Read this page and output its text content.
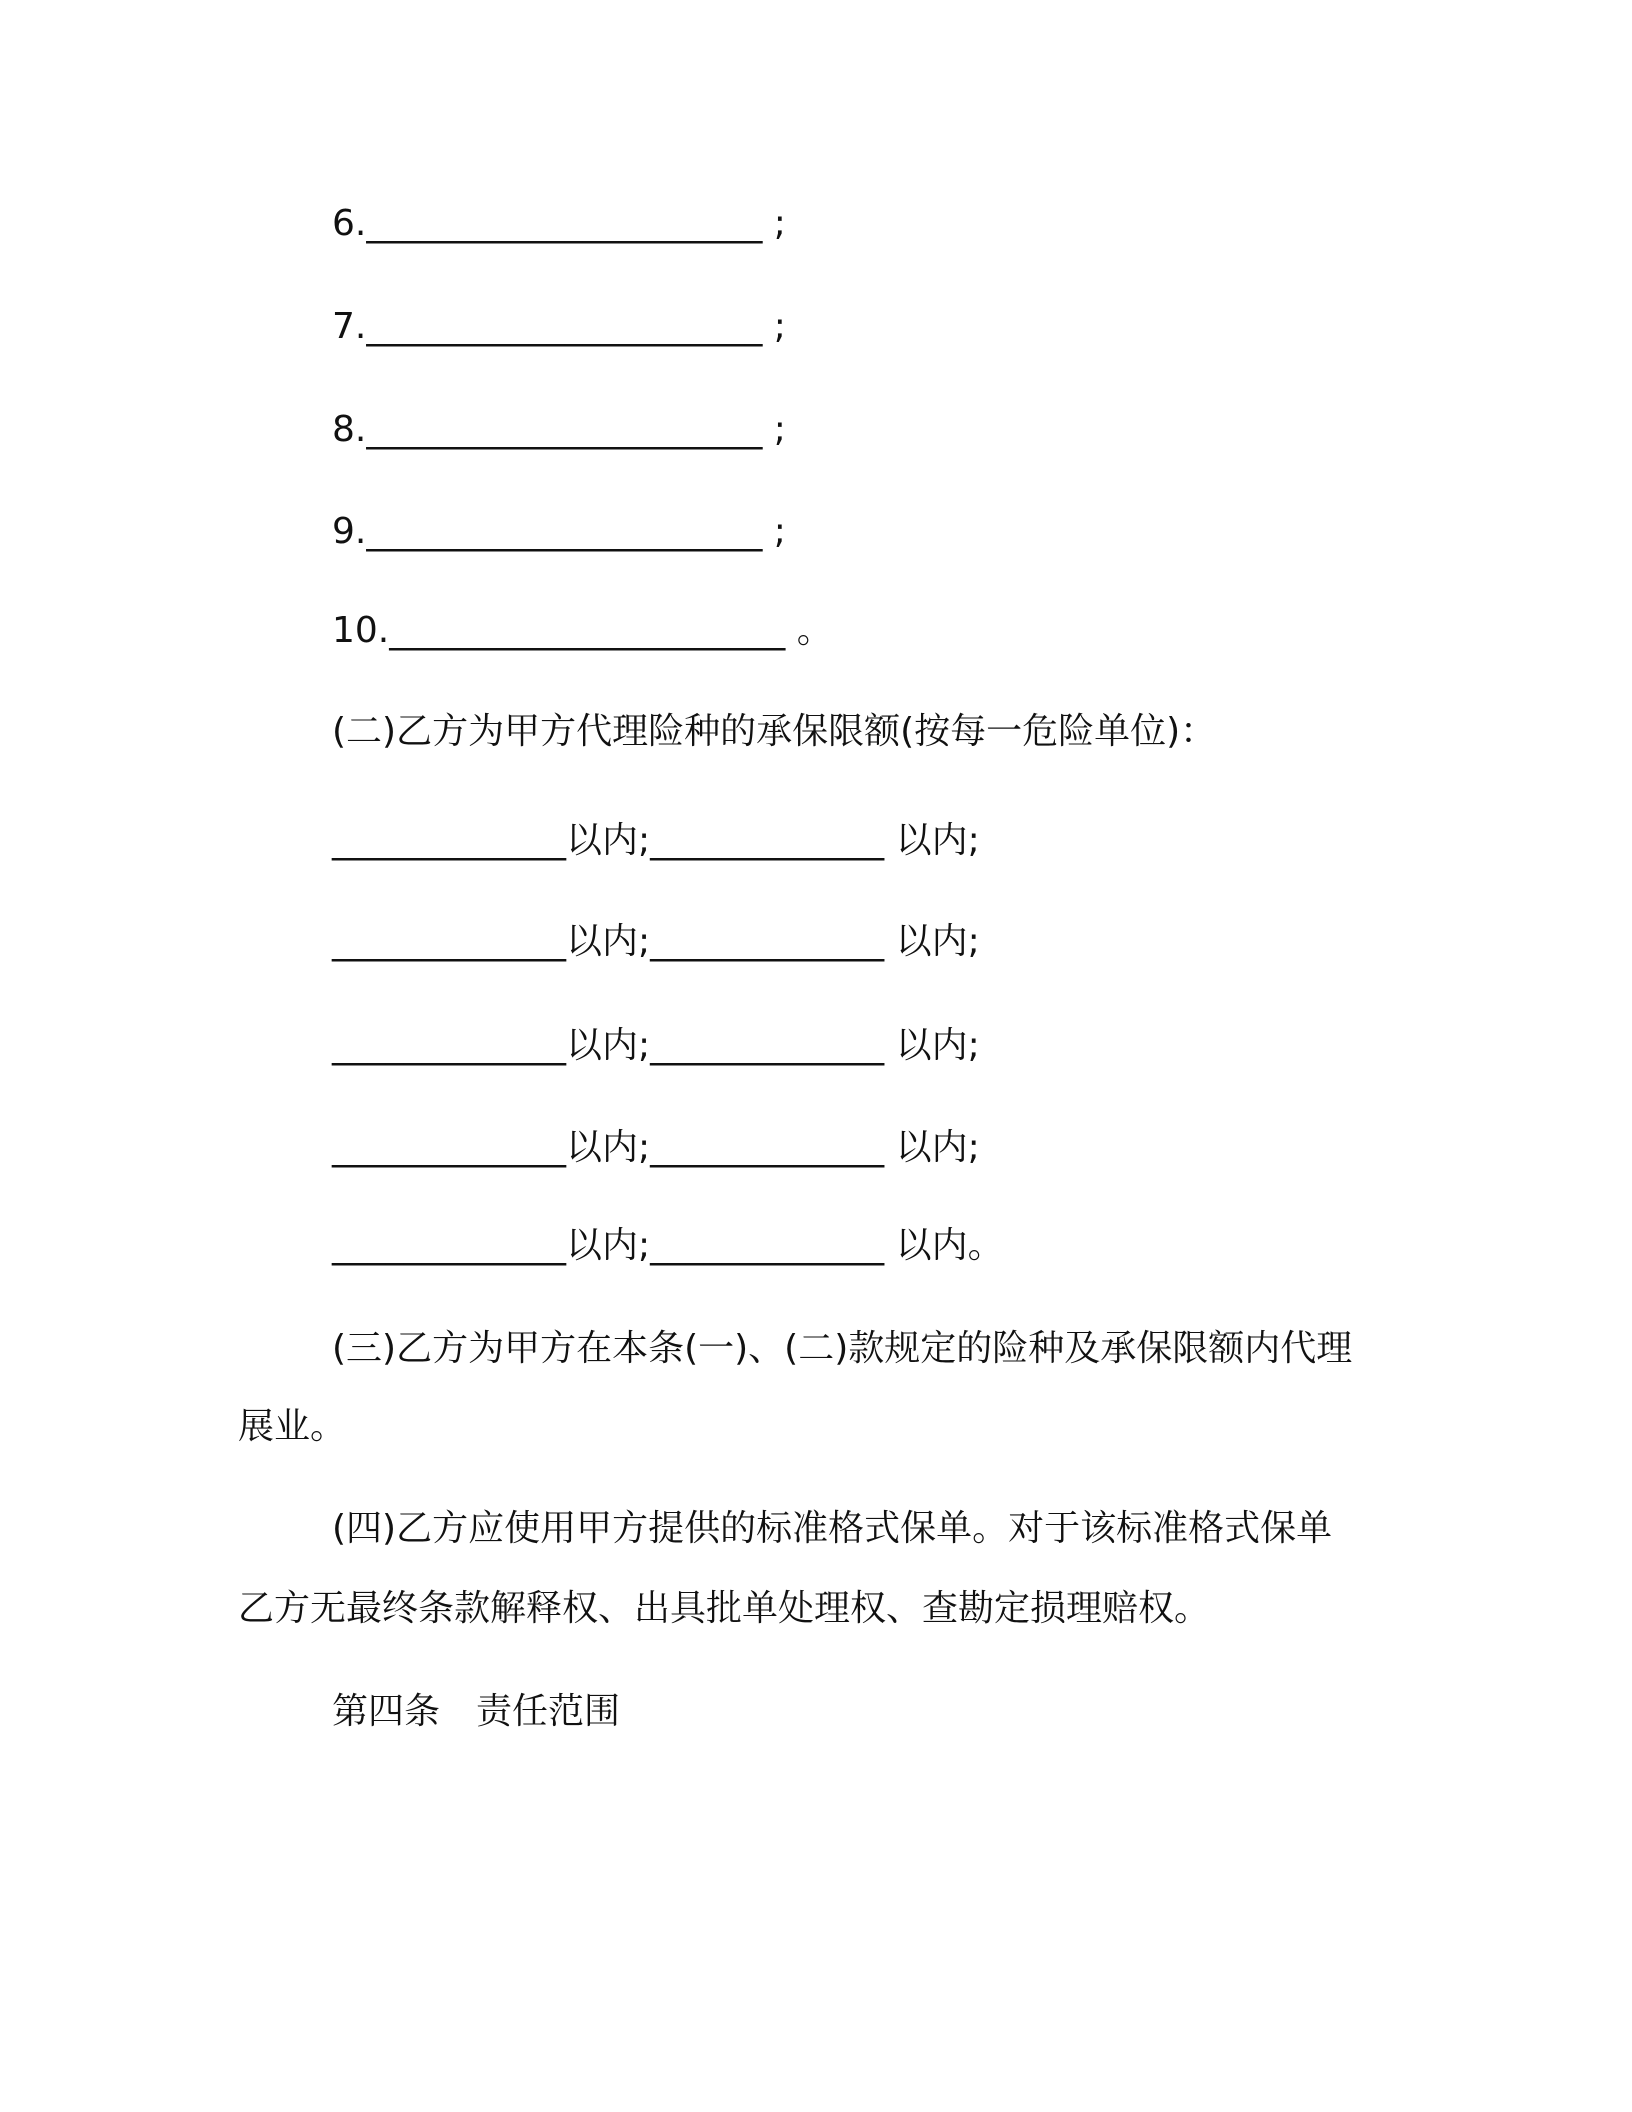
6.______________________ ;
7.______________________ ;
8.______________________ ;
9.______________________ ;
10.______________________ 。
(二)乙方为甲方代理险种的承保限额(按每一危险单位)：
_____________以内;_____________ 以内;
_____________以内;_____________ 以内;
_____________以内;_____________ 以内;
_____________以内;_____________ 以内;
_____________以内;_____________ 以内。
(三)乙方为甲方在本条(一)、(二)款规定的险种及承保限额内代理
展业。
(四)乙方应使用甲方提供的标准格式保单。对于该标准格式保单
乙方无最终条款解释权、出具批单处理权、查勘定损理赔权。
第四条　责任范围
